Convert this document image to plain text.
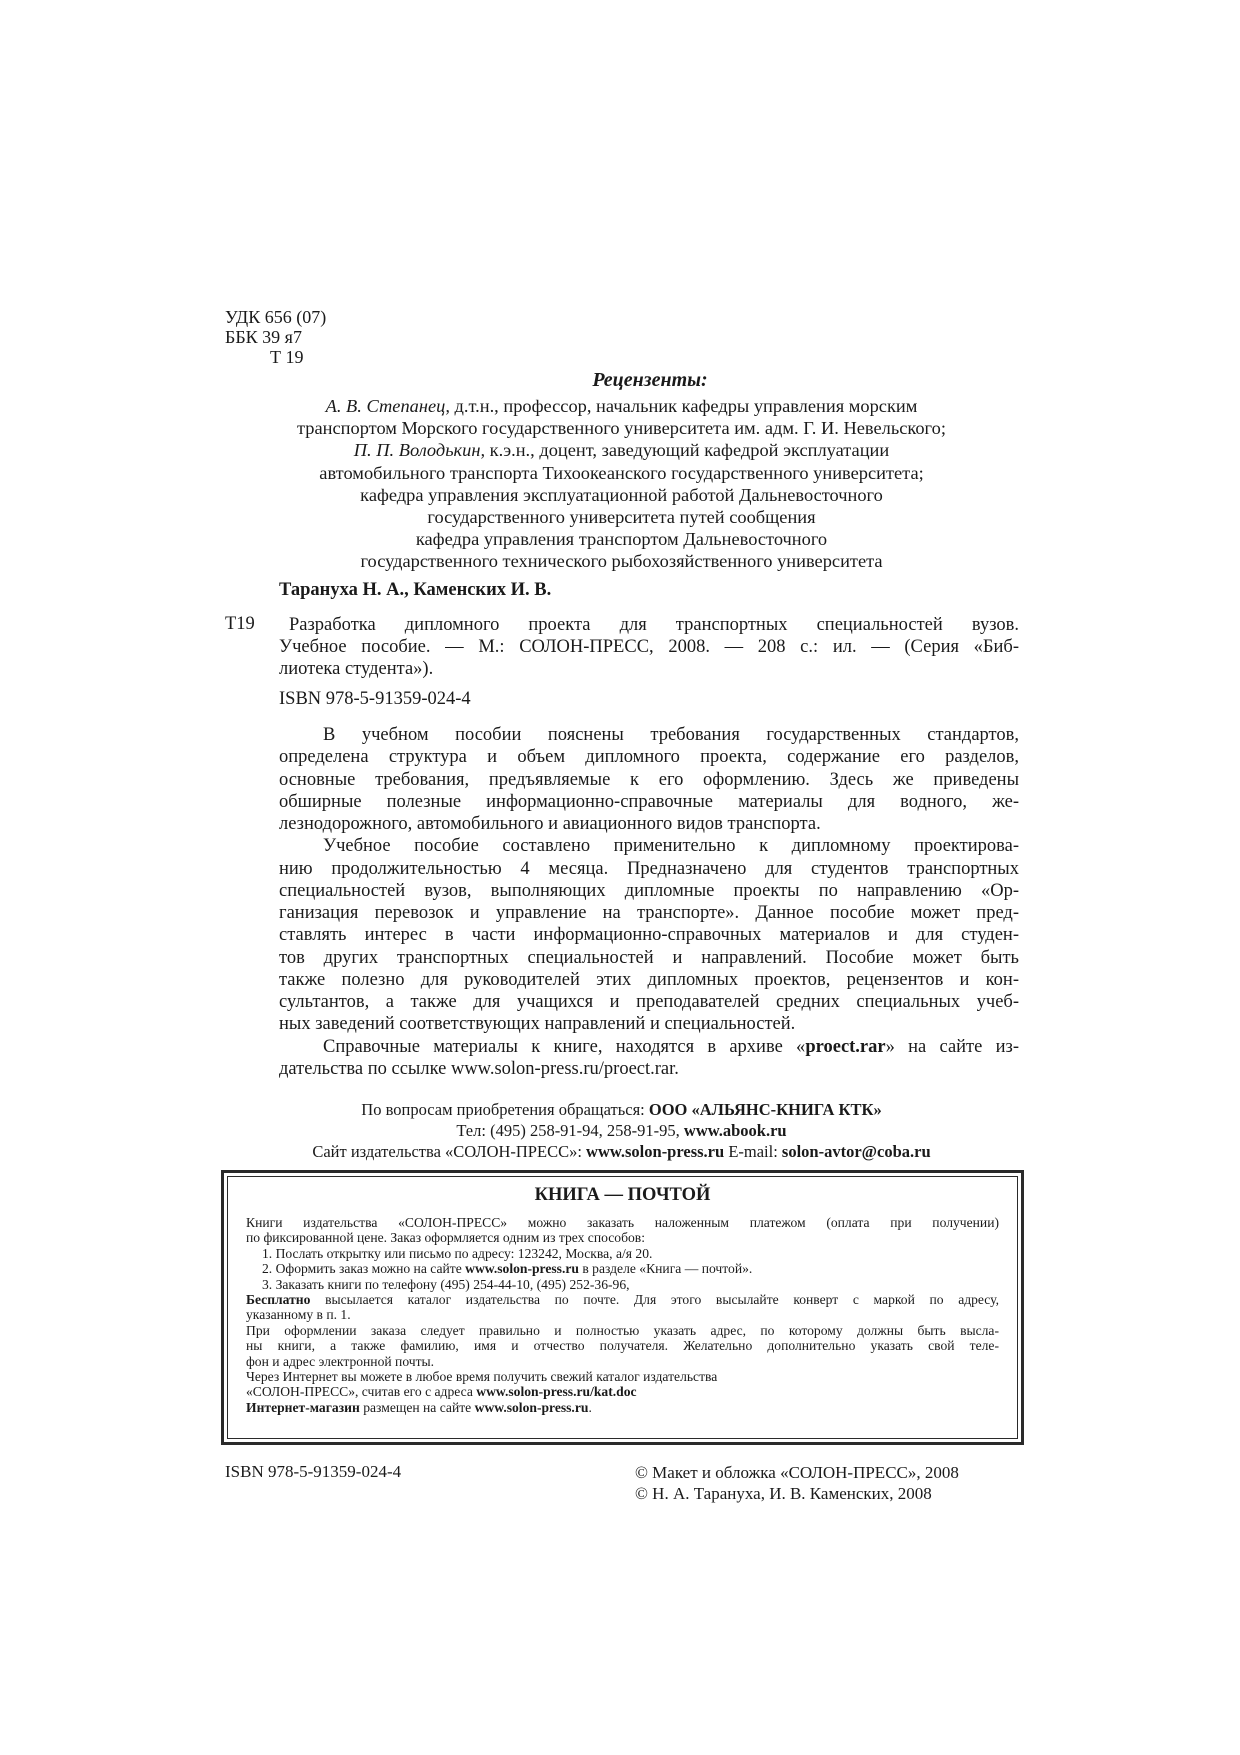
УДК 656 (07)
ББК 39 я7
Т 19
Рецензенты:
А. В. Степанец, д.т.н., профессор, начальник кафедры управления морским
транспортом Морского государственного университета им. адм. Г. И. Невельского;
П. П. Володькин, к.э.н., доцент, заведующий кафедрой эксплуатации
автомобильного транспорта Тихоокеанского государственного университета;
кафедра управления эксплуатационной работой Дальневосточного
государственного университета путей сообщения
кафедра управления транспортом Дальневосточного
государственного технического рыбохозяйственного университета
Тарануха Н. А., Каменских И. В.
Т19	Разработка дипломного проекта для транспортных специальностей вузов.
Учебное пособие. — М.: СОЛОН-ПРЕСС, 2008. — 208 с.: ил. — (Серия «Биб-
лиотека студента»).
ISBN 978-5-91359-024-4
В учебном пособии пояснены требования государственных стандартов,
определена структура и объем дипломного проекта, содержание его разделов,
основные требования, предъявляемые к его оформлению. Здесь же приведены
обширные полезные информационно-справочные материалы для водного, же-
лезнодорожного, автомобильного и авиационного видов транспорта.
Учебное пособие составлено применительно к дипломному проектирова-
нию продолжительностью 4 месяца. Предназначено для студентов транспортных
специальностей вузов, выполняющих дипломные проекты по направлению «Ор-
ганизация перевозок и управление на транспорте». Данное пособие может пред-
ставлять интерес в части информационно-справочных материалов и для студен-
тов других транспортных специальностей и направлений. Пособие может быть
также полезно для руководителей этих дипломных проектов, рецензентов и кон-
сультантов, а также для учащихся и преподавателей средних специальных учеб-
ных заведений соответствующих направлений и специальностей.
Справочные материалы к книге, находятся в архиве «proect.rar» на сайте из-
дательства по ссылке www.solon-press.ru/proect.rar.
По вопросам приобретения обращаться: ООО «АЛЬЯНС-КНИГА КТК»
Тел: (495) 258-91-94, 258-91-95, www.abook.ru
Сайт издательства «СОЛОН-ПРЕСС»: www.solon-press.ru E-mail: solon-avtor@coba.ru
КНИГА — ПОЧТОЙ
Книги издательства «СОЛОН-ПРЕСС» можно заказать наложенным платежом (оплата при получении)
по фиксированной цене. Заказ оформляется одним из трех способов:
1. Послать открытку или письмо по адресу: 123242, Москва, а/я 20.
2. Оформить заказ можно на сайте www.solon-press.ru в разделе «Книга — почтой».
3. Заказать книги по телефону (495) 254-44-10, (495) 252-36-96,
Бесплатно высылается каталог издательства по почте. Для этого высылайте конверт с маркой по адресу,
указанному в п. 1.
При оформлении заказа следует правильно и полностью указать адрес, по которому должны быть высла-
ны книги, а также фамилию, имя и отчество получателя. Желательно дополнительно указать свой теле-
фон и адрес электронной почты.
Через Интернет вы можете в любое время получить свежий каталог издательства
«СОЛОН-ПРЕСС», считав его с адреса www.solon-press.ru/kat.doc
Интернет-магазин размещен на сайте www.solon-press.ru.
ISBN 978-5-91359-024-4	© Макет и обложка «СОЛОН-ПРЕСС», 2008
© Н. А. Тарануха, И. В. Каменских, 2008
